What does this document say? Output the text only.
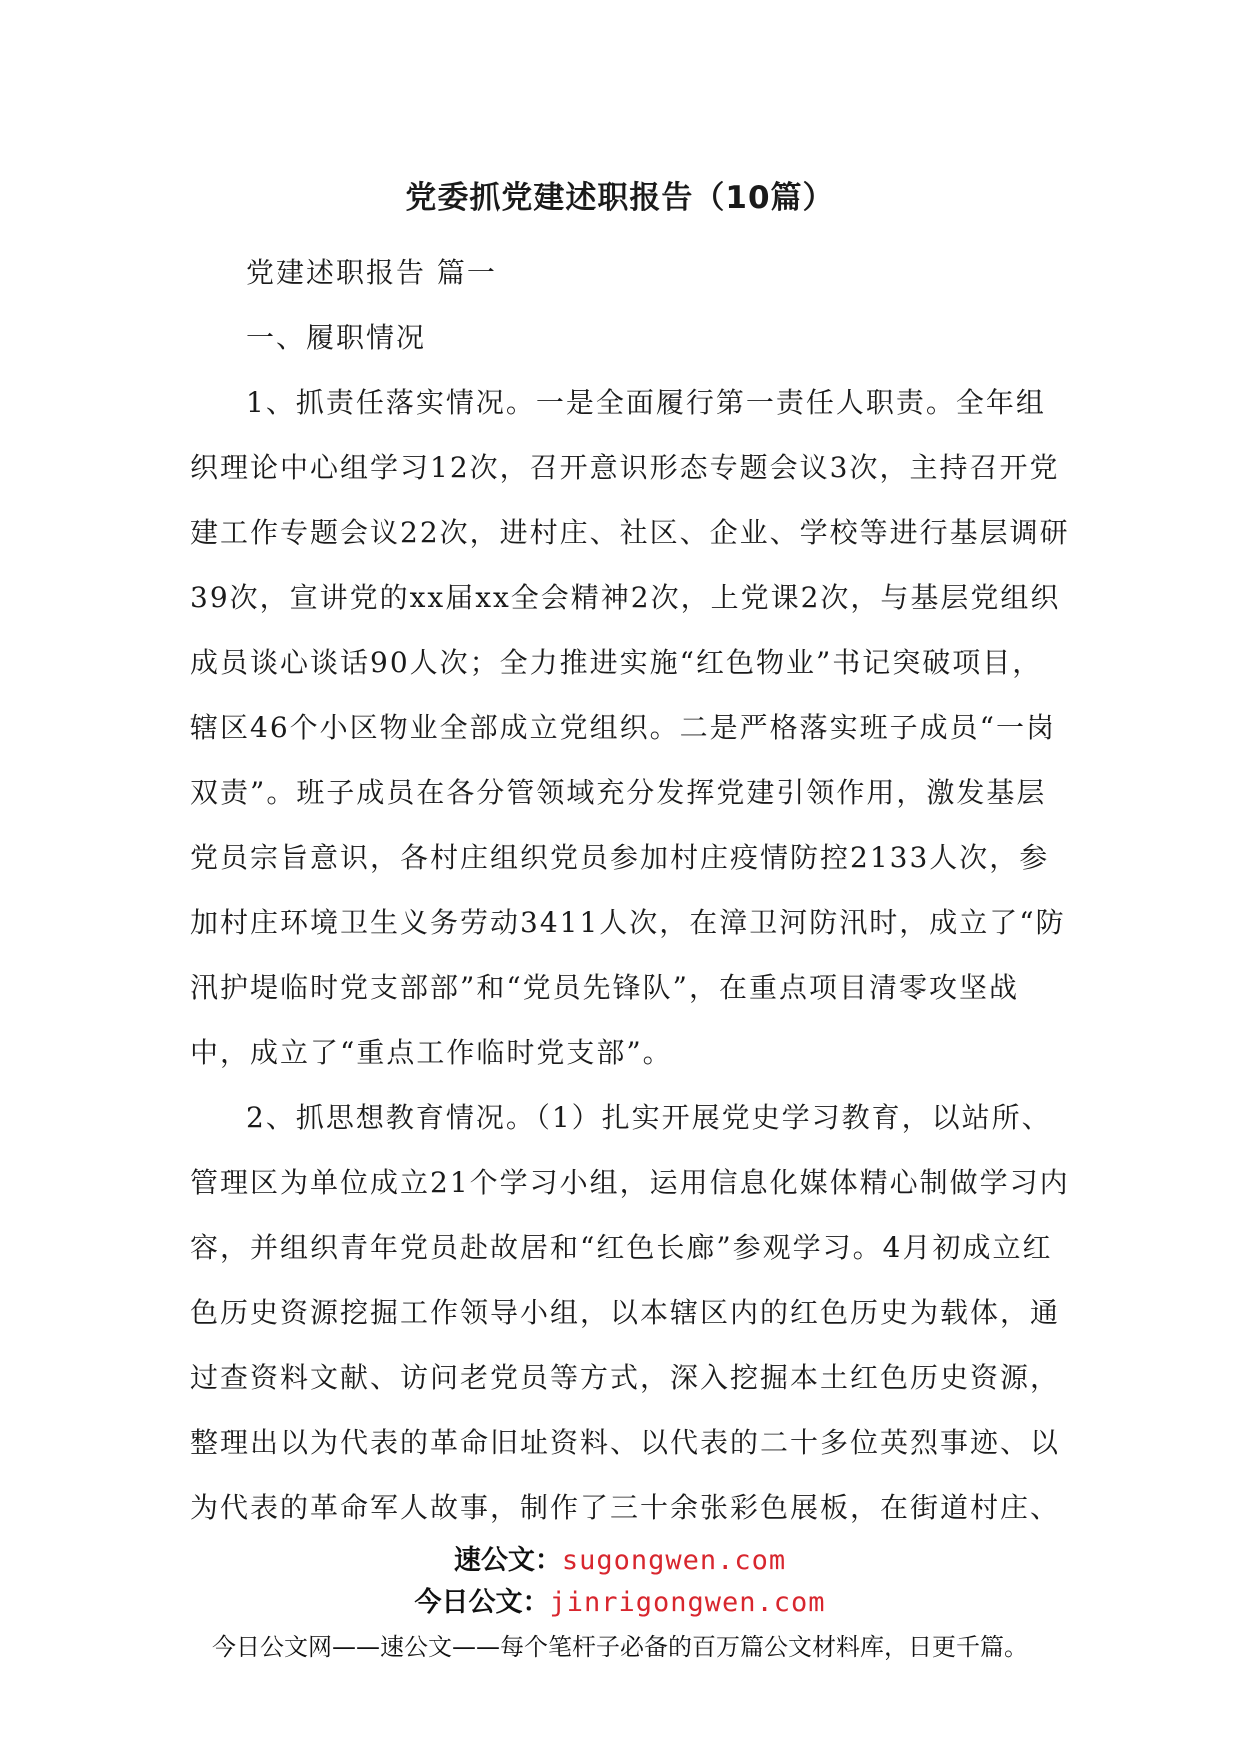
党委抓党建述职报告（10篇）

党建述职报告 篇一

一、履职情况

1、抓责任落实情况。一是全面履行第一责任人职责。全年组织理论中心组学习12次，召开意识形态专题会议3次，主持召开党建工作专题会议22次，进村庄、社区、企业、学校等进行基层调研39次，宣讲党的xx届xx全会精神2次，上党课2次，与基层党组织成员谈心谈话90人次；全力推进实施“红色物业”书记突破项目，辖区46个小区物业全部成立党组织。二是严格落实班子成员“一岗双责”。班子成员在各分管领域充分发挥党建引领作用，激发基层党员宗旨意识，各村庄组织党员参加村庄疫情防控2133人次，参加村庄环境卫生义务劳动3411人次，在漳卫河防汛时，成立了“防汛护堤临时党支部部”和“党员先锋队”，在重点项目清零攻坚战中，成立了“重点工作临时党支部”。

2、抓思想教育情况。（1）扎实开展党史学习教育，以站所、管理区为单位成立21个学习小组，运用信息化媒体精心制做学习内容，并组织青年党员赴故居和“红色长廊”参观学习。4月初成立红色历史资源挖掘工作领导小组，以本辖区内的红色历史为载体，通过查资料文献、访问老党员等方式，深入挖掘本土红色历史资源，整理出以为代表的革命旧址资料、以代表的二十多位英烈事迹、以为代表的革命军人故事，制作了三十余张彩色展板，在街道村庄、

速公文：sugongwen.com
今日公文：jinrigongwen.com
今日公文网——速公文——每个笔杆子必备的百万篇公文材料库，日更千篇。
